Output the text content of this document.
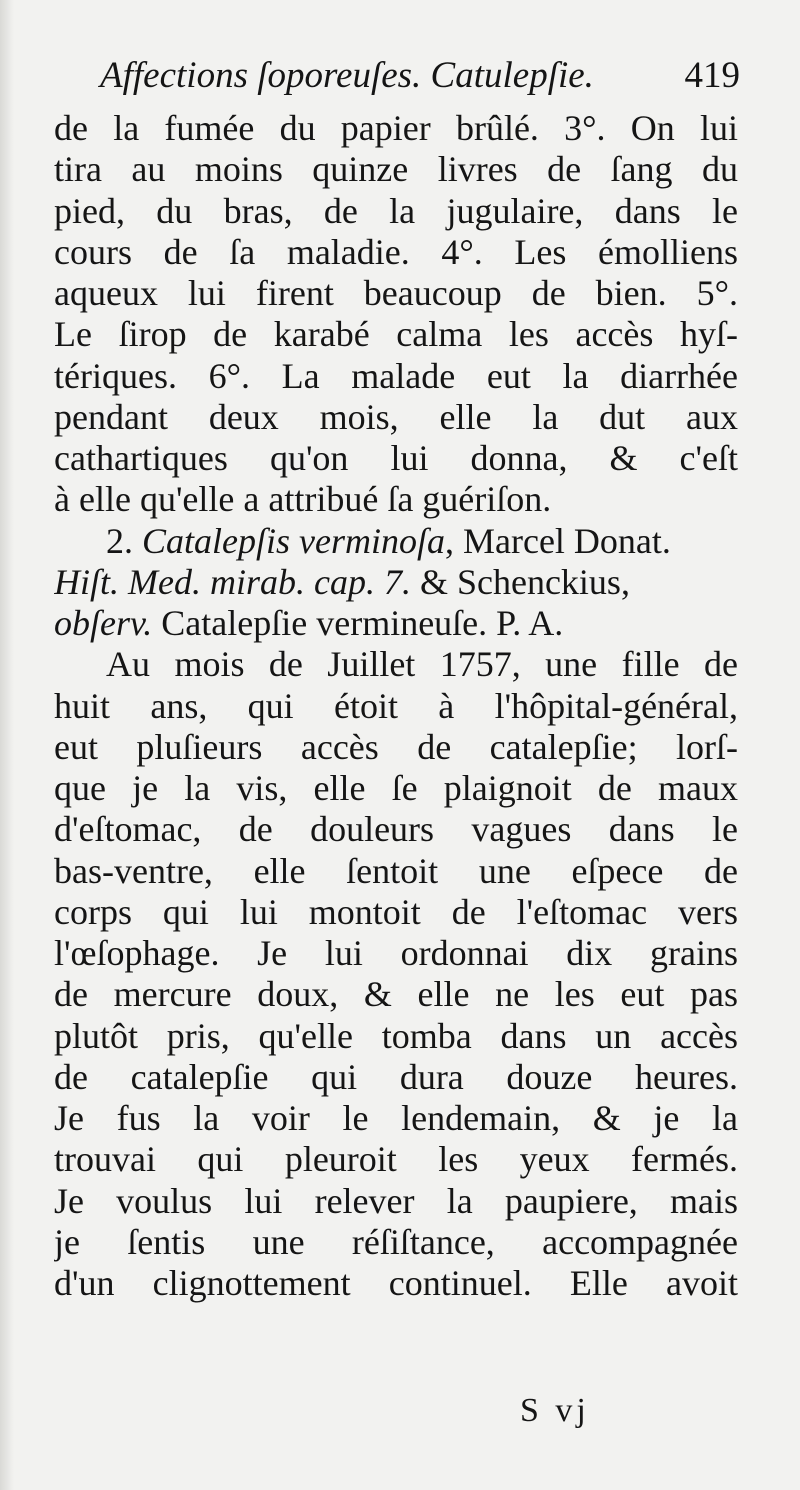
Affections ſoporeuſes. Catulepſie. 419
de la fumée du papier brûlé. 3°. On lui
tira au moins quinze livres de ſang du
pied, du bras, de la jugulaire, dans le
cours de ſa maladie. 4°. Les émolliens
aqueux lui firent beaucoup de bien. 5°.
Le ſirop de karabé calma les accès hyſ-
tériques. 6°. La malade eut la diarrhée
pendant deux mois, elle la dut aux
cathartiques qu'on lui donna, & c'eſt
à elle qu'elle a attribué ſa guériſon.
2. Catalepſis verminoſa, Marcel Donat.
Hiſt. Med. mirab. cap. 7. & Schenckius,
obſerv. Catalepſie vermineuſe. P. A.
Au mois de Juillet 1757, une fille de
huit ans, qui étoit à l'hôpital-général,
eut pluſieurs accès de catalepſie; lorſ-
que je la vis, elle ſe plaignoit de maux
d'eſtomac, de douleurs vagues dans le
bas-ventre, elle ſentoit une eſpece de
corps qui lui montoit de l'eſtomac vers
l'œſophage. Je lui ordonnai dix grains
de mercure doux, & elle ne les eut pas
plutôt pris, qu'elle tomba dans un accès
de catalepſie qui dura douze heures.
Je fus la voir le lendemain, & je la
trouvai qui pleuroit les yeux fermés.
Je voulus lui relever la paupiere, mais
je ſentis une réſiſtance, accompagnée
d'un clignottement continuel. Elle avoit
S vj
